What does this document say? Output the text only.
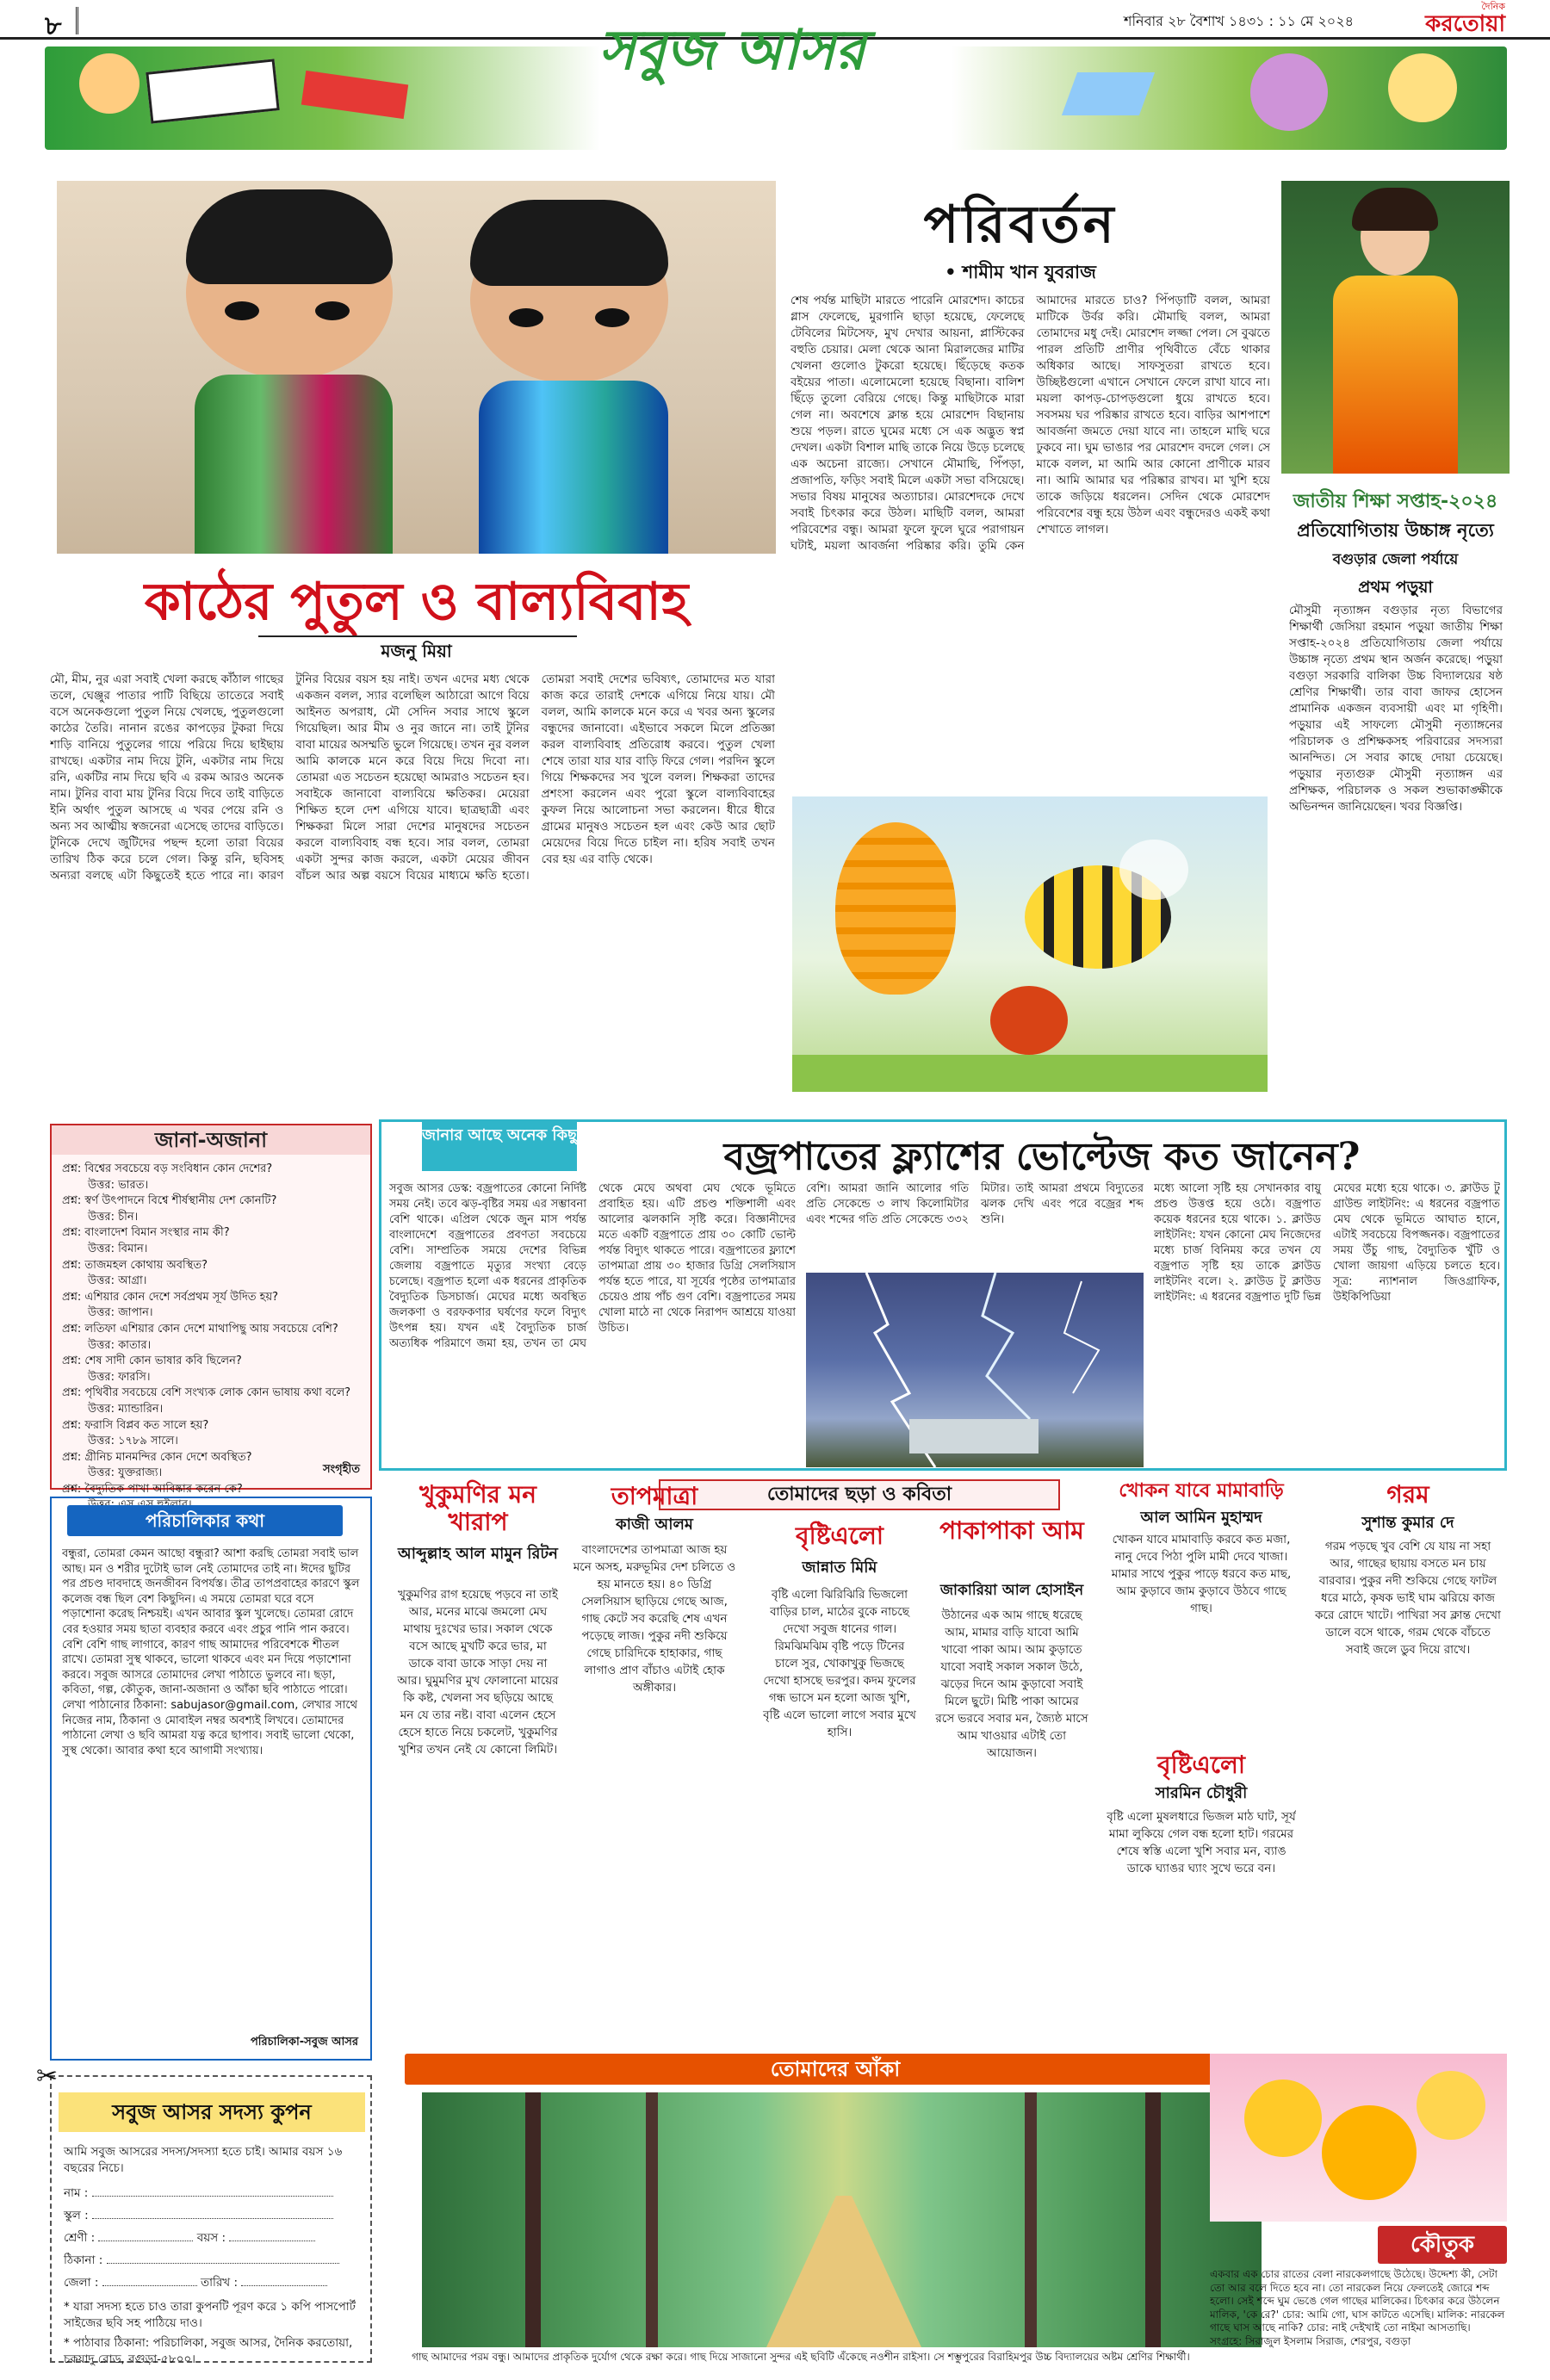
৮	শনিবার ২৮ বৈশাখ ১৪৩১ : ১১ মে ২০২৪
দৈনিক
করতোয়া
সবুজ আসর
কাঠের পুতুল ও বাল্যবিবাহ
মজনু মিয়া
মৌ, মীম, নুর এরা সবাই খেলা করছে কাঁঠাল গাছের তলে, ঘেঞ্জুর পাতার পাটি বিছিয়ে তাতেরে সবাই বসে অনেকগুলো পুতুল নিয়ে খেলছে, পুতুলগুলো কাঠের তৈরি। নানান রঙের কাপড়ের টুকরা দিয়ে শাড়ি বানিয়ে পুতুলের গায়ে পরিয়ে দিয়ে ছাইছায় রাখছে। একটার নাম দিয়ে টুনি, একটার নাম দিয়ে রনি, একটির নাম দিয়ে ছবি এ রকম আরও অনেক নাম। টুনির বাবা মায় টুনির বিয়ে দিবে তাই বাড়িতে ইনি অর্থাৎ পুতুল আসছে এ খবর পেয়ে রনি ও অন্য সব আত্মীয় স্বজনেরা এসেছে তাদের বাড়িতে। টুনিকে দেখে জুটিদের পছন্দ হলো তারা বিয়ের তারিখ ঠিক করে চলে গেল। কিন্তু রনি, ছবিসহ অন্যরা বলছে এটা কিছুতেই হতে পারে না। কারণ টুনির বিয়ের বয়স হয় নাই। তখন এদের মধ্য থেকে একজন বলল, স্যার বলেছিল আঠারো আগে বিয়ে আইনত অপরাধ, মৌ সেদিন সবার সাথে স্কুলে গিয়েছিল। আর মীম ও নুর জানে না। তাই টুনির বাবা মায়ের অসম্মতি ভুলে গিয়েছে। তখন নুর বলল আমি কালকে মনে করে বিয়ে দিয়ে দিবো না। তোমরা এত সচেতন হয়েছো আমরাও সচেতন হব। সবাইকে জানাবো বাল্যবিয়ে ক্ষতিকর। মেয়েরা শিক্ষিত হলে দেশ এগিয়ে যাবে। ছাত্রছাত্রী এবং শিক্ষকরা মিলে সারা দেশের মানুষদের সচেতন করলে বাল্যবিবাহ বন্ধ হবে। সার বলল, তোমরা একটা সুন্দর কাজ করলে, একটা মেয়ের জীবন বাঁচল আর অল্প বয়সে বিয়ের মাধ্যমে ক্ষতি হতো। তোমরা সবাই দেশের ভবিষ্যৎ, তোমাদের মত যারা কাজ করে তারাই দেশকে এগিয়ে নিয়ে যায়। মৌ বলল, আমি কালকে মনে করে এ খবর অন্য স্কুলের বন্ধুদের জানাবো। এইভাবে সকলে মিলে প্রতিজ্ঞা করল বাল্যবিবাহ প্রতিরোধ করবে। পুতুল খেলা শেষে তারা যার যার বাড়ি ফিরে গেল। পরদিন স্কুলে গিয়ে শিক্ষকদের সব খুলে বলল। শিক্ষকরা তাদের প্রশংসা করলেন এবং পুরো স্কুলে বাল্যবিবাহের কুফল নিয়ে আলোচনা সভা করলেন। ধীরে ধীরে গ্রামের মানুষও সচেতন হল এবং কেউ আর ছোট মেয়েদের বিয়ে দিতে চাইল না। হরিষ সবাই তখন বের হয় এর বাড়ি থেকে।
পরিবর্তন
• শামীম খান যুবরাজ
শেষ পর্যন্ত মাছিটা মারতে পারেনি মোরশেদ। কাচের গ্লাস ফেলেছে, মুরগানি ছাড়া হয়েছে, ফেলেছে টেবিলের মিটসেফ, মুখ দেখার আয়না, প্লাস্টিকের বহুতি চেয়ার। মেলা থেকে আনা মিরালজের মাটির খেলনা গুলোও টুকরো হয়েছে। ছিঁড়েছে কতক বইয়ের পাতা। এলোমেলো হয়েছে বিছানা। বালিশ ছিঁড়ে তুলো বেরিয়ে গেছে। কিন্তু মাছিটাকে মারা গেল না। অবশেষে ক্লান্ত হয়ে মোরশেদ বিছানায় শুয়ে পড়ল। রাতে ঘুমের মধ্যে সে এক অদ্ভুত স্বপ্ন দেখল। একটা বিশাল মাছি তাকে নিয়ে উড়ে চলেছে এক অচেনা রাজ্যে। সেখানে মৌমাছি, পিঁপড়া, প্রজাপতি, ফড়িং সবাই মিলে একটা সভা বসিয়েছে। সভার বিষয় মানুষের অত্যাচার। মোরশেদকে দেখে সবাই চিৎকার করে উঠল। মাছিটি বলল, আমরা পরিবেশের বন্ধু। আমরা ফুলে ফুলে ঘুরে পরাগায়ন ঘটাই, ময়লা আবর্জনা পরিষ্কার করি। তুমি কেন আমাদের মারতে চাও? পিঁপড়াটি বলল, আমরা মাটিকে উর্বর করি। মৌমাছি বলল, আমরা তোমাদের মধু দেই। মোরশেদ লজ্জা পেল। সে বুঝতে পারল প্রতিটি প্রাণীর পৃথিবীতে বেঁচে থাকার অধিকার আছে। সাফসুতরা রাখতে হবে। উচ্ছিষ্টগুলো এখানে সেখানে ফেলে রাখা যাবে না। ময়লা কাপড়-চোপড়গুলো ধুয়ে রাখতে হবে। সবসময় ঘর পরিষ্কার রাখতে হবে। বাড়ির আশপাশে আবর্জনা জমতে দেয়া যাবে না। তাহলে মাছি ঘরে ঢুকবে না। ঘুম ভাঙার পর মোরশেদ বদলে গেল। সে মাকে বলল, মা আমি আর কোনো প্রাণীকে মারব না। আমি আমার ঘর পরিষ্কার রাখব। মা খুশি হয়ে তাকে জড়িয়ে ধরলেন। সেদিন থেকে মোরশেদ পরিবেশের বন্ধু হয়ে উঠল এবং বন্ধুদেরও একই কথা শেখাতে লাগল।
জাতীয় শিক্ষা সপ্তাহ-২০২৪
প্রতিযোগিতায় উচ্চাঙ্গ নৃত্যে
বগুড়ার জেলা পর্যায়ে
প্রথম পড়ুয়া
মৌসুমী নৃত্যাঙ্গন বগুড়ার নৃত্য বিভাগের শিক্ষার্থী জেসিয়া রহমান পড়ুয়া জাতীয় শিক্ষা সপ্তাহ-২০২৪ প্রতিযোগিতায় জেলা পর্যায়ে উচ্চাঙ্গ নৃত্যে প্রথম স্থান অর্জন করেছে। পড়ুয়া বগুড়া সরকারি বালিকা উচ্চ বিদ্যালয়ের ষষ্ঠ শ্রেণির শিক্ষার্থী। তার বাবা জাফর হোসেন প্রামানিক একজন ব্যবসায়ী এবং মা গৃহিণী। পড়ুয়ার এই সাফল্যে মৌসুমী নৃত্যাঙ্গনের পরিচালক ও প্রশিক্ষকসহ পরিবারের সদস্যরা আনন্দিত। সে সবার কাছে দোয়া চেয়েছে। পড়ুয়ার নৃত্যগুরু মৌসুমী নৃত্যাঙ্গন এর প্রশিক্ষক, পরিচালক ও সকল শুভাকাঙ্ক্ষীকে অভিনন্দন জানিয়েছেন। খবর বিজ্ঞপ্তি।
জানা-অজানা
প্রশ্ন: বিশ্বের সবচেয়ে বড় সংবিধান কোন দেশের?
উত্তর: ভারত।
প্রশ্ন: স্বর্ণ উৎপাদনে বিশ্বে শীর্ষস্থানীয় দেশ কোনটি?
উত্তর: চীন।
প্রশ্ন: বাংলাদেশ বিমান সংস্থার নাম কী?
উত্তর: বিমান।
প্রশ্ন: তাজমহল কোথায় অবস্থিত?
উত্তর: আগ্রা।
প্রশ্ন: এশিয়ার কোন দেশে সর্বপ্রথম সূর্য উদিত হয়?
উত্তর: জাপান।
প্রশ্ন: লতিফা এশিয়ার কোন দেশে মাথাপিছু আয় সবচেয়ে বেশি?
উত্তর: কাতার।
প্রশ্ন: শেষ সাদী কোন ভাষার কবি ছিলেন?
উত্তর: ফারসি।
প্রশ্ন: পৃথিবীর সবচেয়ে বেশি সংখ্যক লোক কোন ভাষায় কথা বলে?
উত্তর: ম্যান্ডারিন।
প্রশ্ন: ফরাসি বিপ্লব কত সালে হয়?
উত্তর: ১৭৮৯ সালে।
প্রশ্ন: গ্রীনিচ মানমন্দির কোন দেশে অবস্থিত?
উত্তর: যুক্তরাজ্য।
প্রশ্ন: বৈদ্যুতিক পাখা আবিষ্কার করেন কে?
সংগৃহীত
পরিচালিকার কথা
বন্ধুরা, তোমরা কেমন আছো বন্ধুরা? আশা করছি তোমরা সবাই ভাল আছ। মন ও শরীর দুটোই ভাল নেই তোমাদের তাই না। ঈদের ছুটির পর প্রচণ্ড দাবদাহে জনজীবন বিপর্যস্ত। তীব্র তাপপ্রবাহের কারণে স্কুল কলেজ বন্ধ ছিল বেশ কিছুদিন। এ সময়ে তোমরা ঘরে বসে পড়াশোনা করেছ নিশ্চয়ই। এখন আবার স্কুল খুলেছে। তোমরা রোদে বের হওয়ার সময় ছাতা ব্যবহার করবে এবং প্রচুর পানি পান করবে। বেশি বেশি গাছ লাগাবে, কারণ গাছ আমাদের পরিবেশকে শীতল রাখে। তোমরা সুস্থ থাকবে, ভালো থাকবে এবং মন দিয়ে পড়াশোনা করবে। সবুজ আসরে তোমাদের লেখা পাঠাতে ভুলবে না। ছড়া, কবিতা, গল্প, কৌতুক, জানা-অজানা ও আঁকা ছবি পাঠাতে পারো। লেখা পাঠানোর ঠিকানা: sabujasor@gmail.com, লেখার সাথে নিজের নাম, ঠিকানা ও মোবাইল নম্বর অবশ্যই লিখবে। তোমাদের পাঠানো লেখা ও ছবি আমরা যত্ন করে ছাপাব। সবাই ভালো থেকো, সুস্থ থেকো। আবার কথা হবে আগামী সংখ্যায়।
পরিচালিকা-সবুজ আসর
✂
সবুজ আসর সদস্য কুপন
আমি সবুজ আসরের সদস্য/সদস্যা হতে চাই। আমার বয়স ১৬ বছরের নিচে।
নাম :
স্কুল :
শ্রেণী :	বয়স :
ঠিকানা :
জেলা :	তারিখ :
* যারা সদস্য হতে চাও তারা কুপনটি পূরণ করে ১ কপি পাসপোর্ট সাইজের ছবি সহ পাঠিয়ে দাও।
* পাঠাবার ঠিকানা: পরিচালিকা, সবুজ আসর, দৈনিক করতোয়া, চকযাদু রোড, বগুড়া-৫৮০০।
জানার আছে অনেক কিছু	বজ্রপাতের ফ্ল্যাশের ভোল্টেজ কত জানেন?
সবুজ আসর ডেস্ক: বজ্রপাতের কোনো নির্দিষ্ট সময় নেই। তবে ঝড়-বৃষ্টির সময় এর সম্ভাবনা বেশি থাকে। এপ্রিল থেকে জুন মাস পর্যন্ত বাংলাদেশে বজ্রপাতের প্রবণতা সবচেয়ে বেশি। সাম্প্রতিক সময়ে দেশের বিভিন্ন জেলায় বজ্রপাতে মৃত্যুর সংখ্যা বেড়ে চলেছে। বজ্রপাত হলো এক ধরনের প্রাকৃতিক বৈদ্যুতিক ডিসচার্জ। মেঘের মধ্যে অবস্থিত জলকণা ও বরফকণার ঘর্ষণের ফলে বিদ্যুৎ উৎপন্ন হয়। যখন এই বৈদ্যুতিক চার্জ অত্যধিক পরিমাণে জমা হয়, তখন তা মেঘ থেকে মেঘে অথবা মেঘ থেকে ভূমিতে প্রবাহিত হয়। এটি প্রচণ্ড শক্তিশালী এবং আলোর ঝলকানি সৃষ্টি করে। বিজ্ঞানীদের মতে একটি বজ্রপাতে প্রায় ৩০ কোটি ভোল্ট পর্যন্ত বিদ্যুৎ থাকতে পারে। বজ্রপাতের ফ্ল্যাশে তাপমাত্রা প্রায় ৩০ হাজার ডিগ্রি সেলসিয়াস পর্যন্ত হতে পারে, যা সূর্যের পৃষ্ঠের তাপমাত্রার চেয়েও প্রায় পাঁচ গুণ বেশি। বজ্রপাতের সময় খোলা মাঠে না থেকে নিরাপদ আশ্রয়ে যাওয়া উচিত।
বেশি। আমরা জানি আলোর গতি প্রতি সেকেন্ডে ৩ লাখ কিলোমিটার এবং শব্দের গতি প্রতি সেকেন্ডে ৩৩২ মিটার। তাই আমরা প্রথমে বিদ্যুতের ঝলক দেখি এবং পরে বজ্রের শব্দ শুনি।
মধ্যে আলো সৃষ্টি হয় সেখানকার বায়ু প্রচণ্ড উত্তপ্ত হয়ে ওঠে। বজ্রপাত কয়েক ধরনের হয়ে থাকে। ১. ক্লাউড লাইটনিং: যখন কোনো মেঘ নিজেদের মধ্যে চার্জ বিনিময় করে তখন যে বজ্রপাত সৃষ্টি হয় তাকে ক্লাউড লাইটনিং বলে। ২. ক্লাউড টু ক্লাউড লাইটনিং: এ ধরনের বজ্রপাত দুটি ভিন্ন মেঘের মধ্যে হয়ে থাকে। ৩. ক্লাউড টু গ্রাউন্ড লাইটনিং: এ ধরনের বজ্রপাত মেঘ থেকে ভূমিতে আঘাত হানে, এটাই সবচেয়ে বিপজ্জনক। বজ্রপাতের সময় উঁচু গাছ, বৈদ্যুতিক খুঁটি ও খোলা জায়গা এড়িয়ে চলতে হবে। সূত্র: ন্যাশনাল জিওগ্রাফিক, উইকিপিডিয়া
তোমাদের ছড়া ও কবিতা
খুকুমণির মন খারাপ
আব্দুল্লাহ আল মামুন রিটন
খুকুমণির রাগ হয়েছে পড়বে না তাই আর, মনের মাঝে জমলো মেঘ মাথায় দুঃখের ভার। সকাল থেকে বসে আছে মুখটি করে ভার, মা ডাকে বাবা ডাকে সাড়া দেয় না আর। ঘুমুমণির মুখ ফোলানো মায়ের কি কষ্ট, খেলনা সব ছড়িয়ে আছে মন যে তার নষ্ট। বাবা এলেন হেসে হেসে হাতে নিয়ে চকলেট, খুকুমণির খুশির তখন নেই যে কোনো লিমিট।
তাপমাত্রা
কাজী আলম
বাংলাদেশের তাপমাত্রা আজ হয় মনে অসহ, মরুভূমির দেশ চলিতে ও হয় মানতে হয়। ৪০ ডিগ্রি সেলসিয়াস ছাড়িয়ে গেছে আজ, গাছ কেটে সব করেছি শেষ এখন পড়েছে লাজ। পুকুর নদী শুকিয়ে গেছে চারিদিকে হাহাকার, গাছ লাগাও প্রাণ বাঁচাও এটাই হোক অঙ্গীকার।
বৃষ্টিএলো
জান্নাত মিমি
বৃষ্টি এলো ঝিরিঝিরি ভিজলো বাড়ির চাল, মাঠের বুকে নাচছে দেখো সবুজ ধানের গাল। রিমঝিমঝিম বৃষ্টি পড়ে টিনের চালে সুর, খোকাখুকু ভিজছে দেখো হাসছে ভরপুর। কদম ফুলের গন্ধ ভাসে মন হলো আজ খুশি, বৃষ্টি এলে ভালো লাগে সবার মুখে হাসি।
পাকাপাকা আম
জাকারিয়া আল হোসাইন
উঠানের এক আম গাছে ধরেছে আম, মামার বাড়ি যাবো আমি খাবো পাকা আম। আম কুড়াতে যাবো সবাই সকাল সকাল উঠে, ঝড়ের দিনে আম কুড়াবো সবাই মিলে ছুটে। মিষ্টি পাকা আমের রসে ভরবে সবার মন, জ্যৈষ্ঠ মাসে আম খাওয়ার এটাই তো আয়োজন।
খোকন যাবে মামাবাড়ি
আল আমিন মুহাম্মদ
খোকন যাবে মামাবাড়ি করবে কত মজা, নানু দেবে পিঠা পুলি মামী দেবে খাজা। মামার সাথে পুকুর পাড়ে ধরবে কত মাছ, আম কুড়াবে জাম কুড়াবে উঠবে গাছে গাছ।
বৃষ্টিএলো
সারমিন চৌধুরী
বৃষ্টি এলো মুষলধারে ভিজল মাঠ ঘাট, সূর্য মামা লুকিয়ে গেল বন্ধ হলো হাট। গরমের শেষে স্বস্তি এলো খুশি সবার মন, ব্যাঙ ডাকে ঘ্যাঙর ঘ্যাং সুখে ভরে বন।
গরম
সুশান্ত কুমার দে
গরম পড়ছে খুব বেশি যে যায় না সহা আর, গাছের ছায়ায় বসতে মন চায় বারবার। পুকুর নদী শুকিয়ে গেছে ফাটল ধরে মাঠে, কৃষক ভাই ঘাম ঝরিয়ে কাজ করে রোদে খাটে। পাখিরা সব ক্লান্ত দেখো ডালে বসে থাকে, গরম থেকে বাঁচতে সবাই জলে ডুব দিয়ে রাখে।
তোমাদের আঁকা
গাছ আমাদের পরম বন্ধু। আমাদের প্রাকৃতিক দুর্যোগ থেকে রক্ষা করে। গাছ দিয়ে সাজানো সুন্দর এই ছবিটি এঁকেছে নওশীন রাইসা। সে শম্ভুপুরের বিরাহিমপুর উচ্চ বিদ্যালয়ের অষ্টম শ্রেণির শিক্ষার্থী।
কৌতুক
একবার এক চোর রাতের বেলা নারকেলগাছে উঠেছে। উদ্দেশ্য কী, সেটা তো আর বলে দিতে হবে না। তো নারকেল নিয়ে ফেলতেই জোরে শব্দ হলো। সেই শব্দে ঘুম ভেঙে গেল গাছের মালিকের। চিৎকার করে উঠলেন মালিক, 'কে রে?' চোর: আমি গো, ঘাস কাটতে এসেছি। মালিক: নারকেল গাছে ঘাস আছে নাকি? চোর: নাই দেইখাই তো নাইমা আসতাছি।
সংগ্রহে: সিরাজুল ইসলাম সিরাজ, শেরপুর, বগুড়া
